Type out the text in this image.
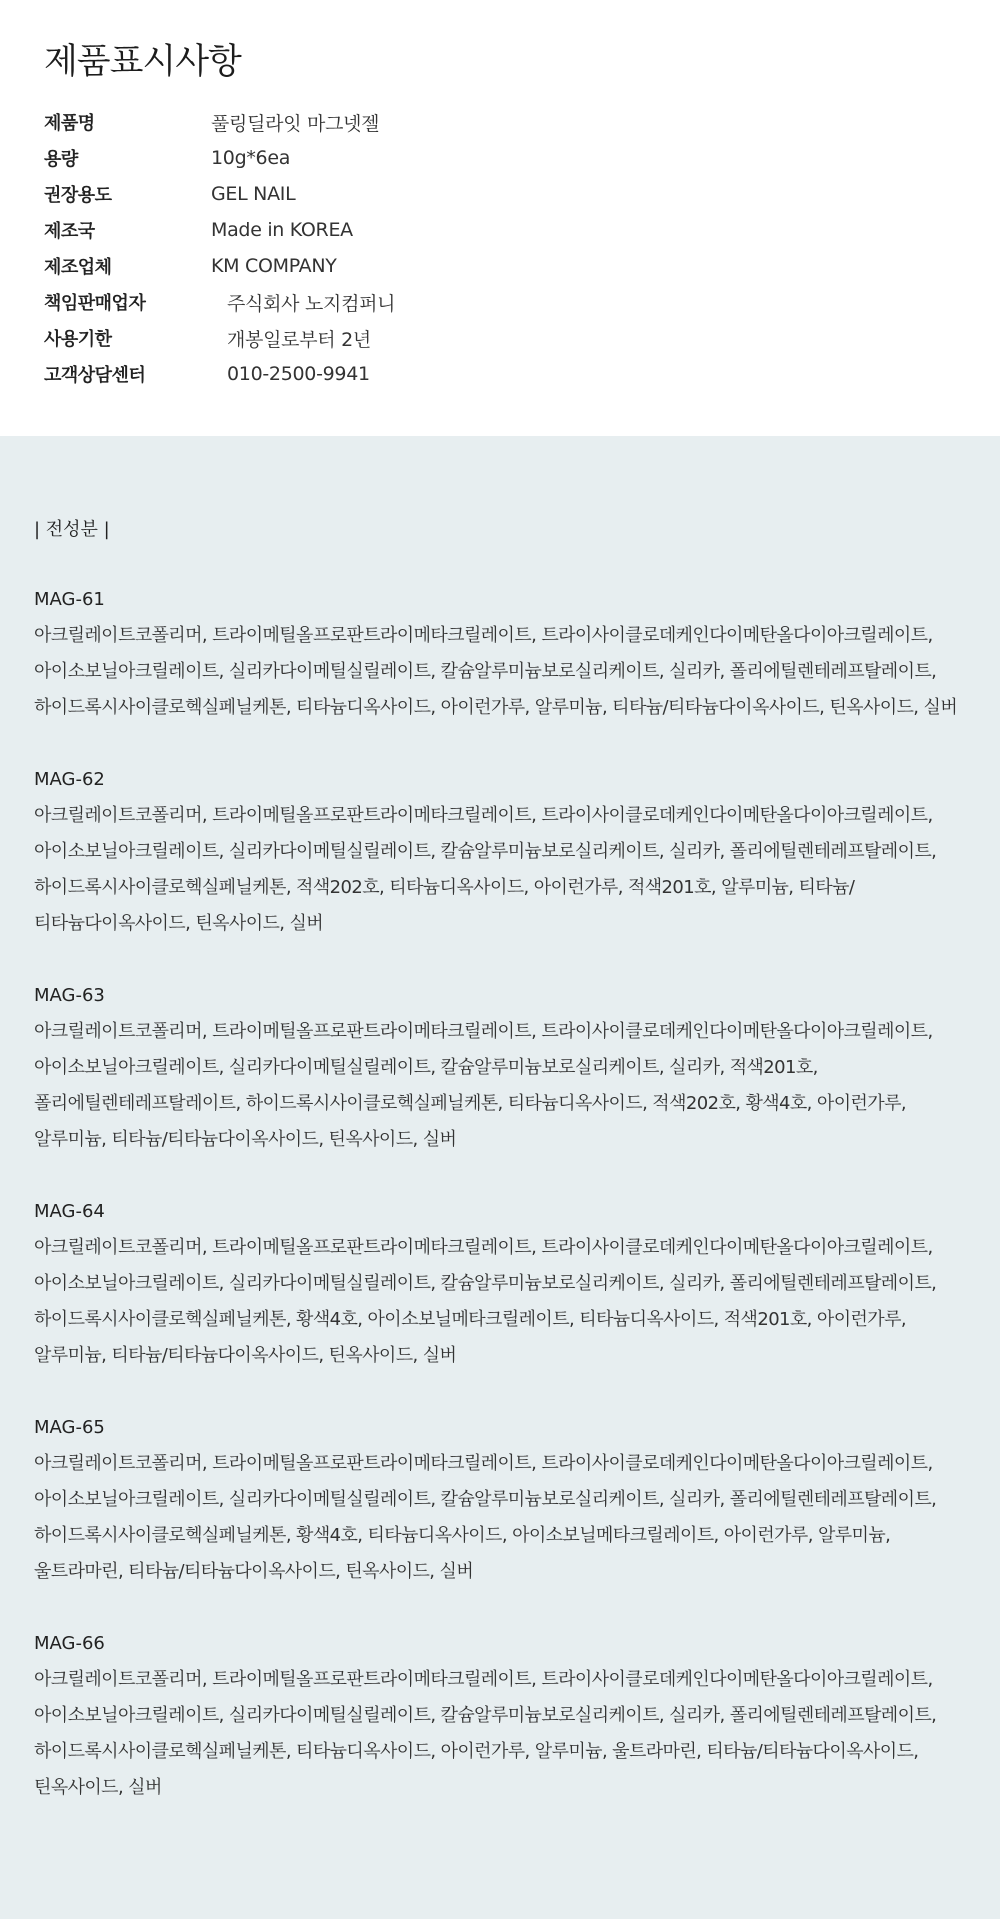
제품표시사항
제품명	풀링딜라잇 마그넷젤
용량	10g*6ea
권장용도	GEL NAIL
제조국	Made in KOREA
제조업체	KM COMPANY
책임판매업자	주식회사 노지컴퍼니
사용기한	개봉일로부터 2년
고객상담센터	010-2500-9941

| 전성분 |

MAG-61
아크릴레이트코폴리머, 트라이메틸올프로판트라이메타크릴레이트, 트라이사이클로데케인다이메탄올다이아크릴레이트, 아이소보닐아크릴레이트, 실리카다이메틸실릴레이트, 칼슘알루미늄보로실리케이트, 실리카, 폴리에틸렌테레프탈레이트, 하이드록시사이클로헥실페닐케톤, 티타늄디옥사이드, 아이런가루, 알루미늄, 티타늄/티타늄다이옥사이드, 틴옥사이드, 실버
MAG-62
아크릴레이트코폴리머, 트라이메틸올프로판트라이메타크릴레이트, 트라이사이클로데케인다이메탄올다이아크릴레이트, 아이소보닐아크릴레이트, 실리카다이메틸실릴레이트, 칼슘알루미늄보로실리케이트, 실리카, 폴리에틸렌테레프탈레이트, 하이드록시사이클로헥실페닐케톤, 적색202호, 티타늄디옥사이드, 아이런가루, 적색201호, 알루미늄, 티타늄/티타늄다이옥사이드, 틴옥사이드, 실버
MAG-63
아크릴레이트코폴리머, 트라이메틸올프로판트라이메타크릴레이트, 트라이사이클로데케인다이메탄올다이아크릴레이트, 아이소보닐아크릴레이트, 실리카다이메틸실릴레이트, 칼슘알루미늄보로실리케이트, 실리카, 적색201호, 폴리에틸렌테레프탈레이트, 하이드록시사이클로헥실페닐케톤, 티타늄디옥사이드, 적색202호, 황색4호, 아이런가루, 알루미늄, 티타늄/티타늄다이옥사이드, 틴옥사이드, 실버
MAG-64
아크릴레이트코폴리머, 트라이메틸올프로판트라이메타크릴레이트, 트라이사이클로데케인다이메탄올다이아크릴레이트, 아이소보닐아크릴레이트, 실리카다이메틸실릴레이트, 칼슘알루미늄보로실리케이트, 실리카, 폴리에틸렌테레프탈레이트, 하이드록시사이클로헥실페닐케톤, 황색4호, 아이소보닐메타크릴레이트, 티타늄디옥사이드, 적색201호, 아이런가루, 알루미늄, 티타늄/티타늄다이옥사이드, 틴옥사이드, 실버
MAG-65
아크릴레이트코폴리머, 트라이메틸올프로판트라이메타크릴레이트, 트라이사이클로데케인다이메탄올다이아크릴레이트, 아이소보닐아크릴레이트, 실리카다이메틸실릴레이트, 칼슘알루미늄보로실리케이트, 실리카, 폴리에틸렌테레프탈레이트, 하이드록시사이클로헥실페닐케톤, 황색4호, 티타늄디옥사이드, 아이소보닐메타크릴레이트, 아이런가루, 알루미늄, 울트라마린, 티타늄/티타늄다이옥사이드, 틴옥사이드, 실버
MAG-66
아크릴레이트코폴리머, 트라이메틸올프로판트라이메타크릴레이트, 트라이사이클로데케인다이메탄올다이아크릴레이트, 아이소보닐아크릴레이트, 실리카다이메틸실릴레이트, 칼슘알루미늄보로실리케이트, 실리카, 폴리에틸렌테레프탈레이트, 하이드록시사이클로헥실페닐케톤, 티타늄디옥사이드, 아이런가루, 알루미늄, 울트라마린, 티타늄/티타늄다이옥사이드, 틴옥사이드, 실버
